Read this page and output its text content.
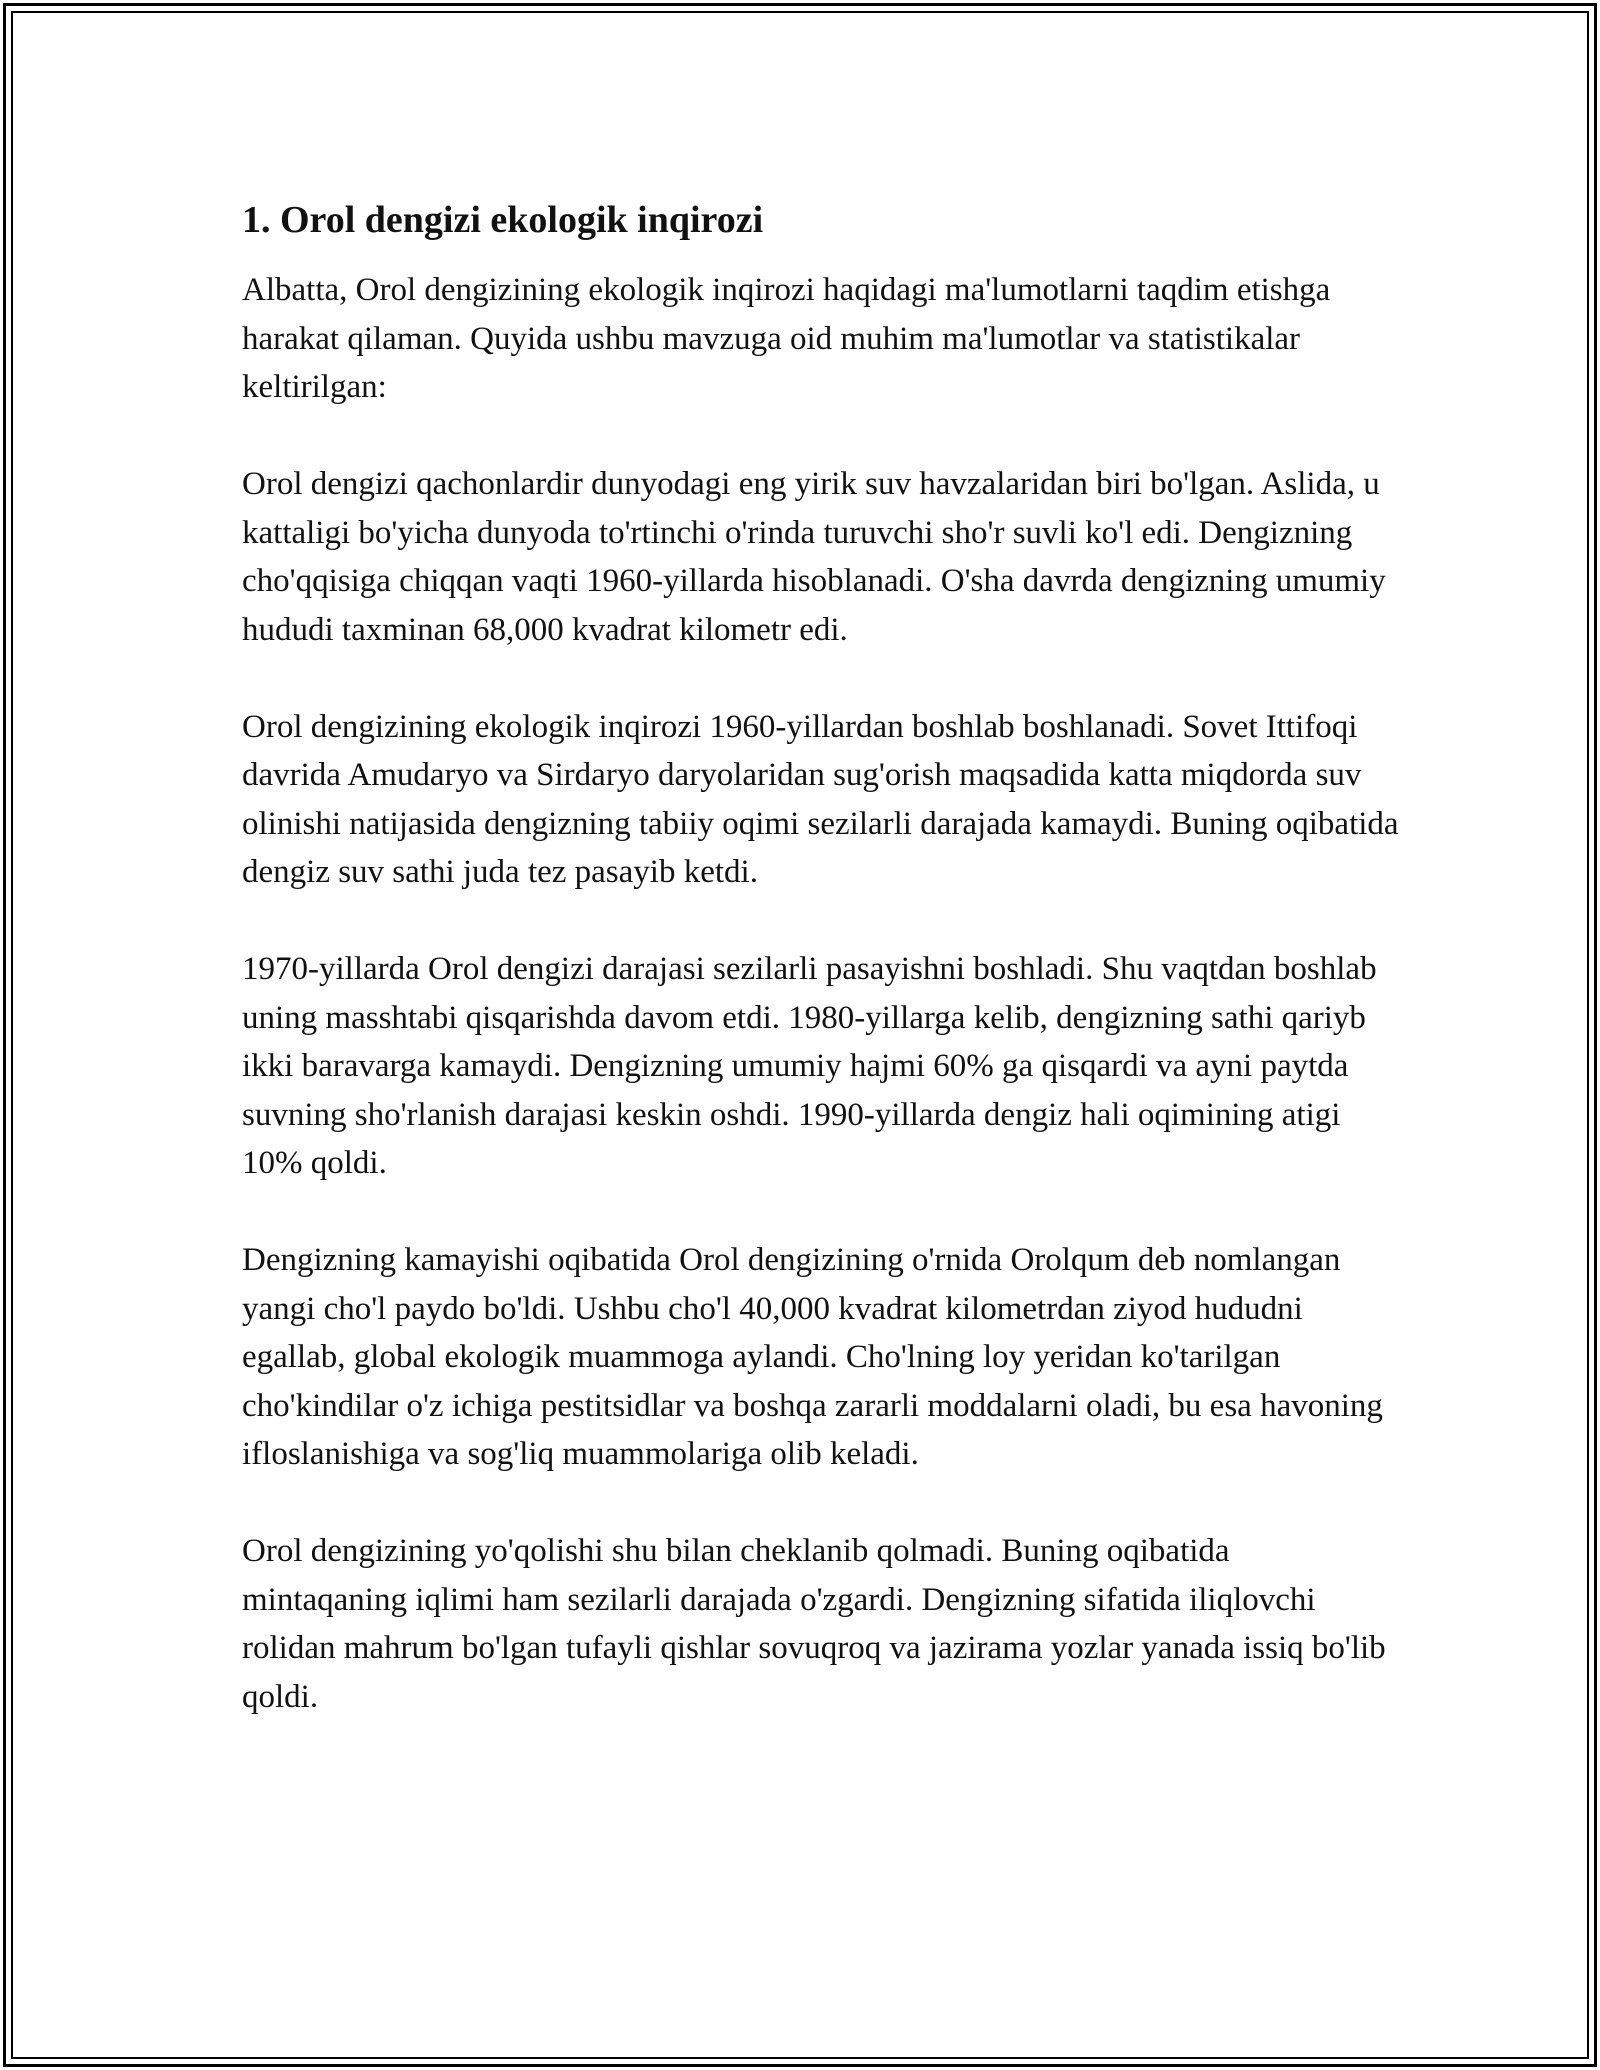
1. Orol dengizi ekologik inqirozi

Albatta, Orol dengizining ekologik inqirozi haqidagi ma'lumotlarni taqdim etishga harakat qilaman. Quyida ushbu mavzuga oid muhim ma'lumotlar va statistikalar keltirilgan:

Orol dengizi qachonlardir dunyodagi eng yirik suv havzalaridan biri bo'lgan. Aslida, u kattaligi bo'yicha dunyoda to'rtinchi o'rinda turuvchi sho'r suvli ko'l edi. Dengizning cho'qqisiga chiqqan vaqti 1960-yillarda hisoblanadi. O'sha davrda dengizning umumiy hududi taxminan 68,000 kvadrat kilometr edi.

Orol dengizining ekologik inqirozi 1960-yillardan boshlab boshlanadi. Sovet Ittifoqi davrida Amudaryo va Sirdaryo daryolaridan sug'orish maqsadida katta miqdorda suv olinishi natijasida dengizning tabiiy oqimi sezilarli darajada kamaydi. Buning oqibatida dengiz suv sathi juda tez pasayib ketdi.

1970-yillarda Orol dengizi darajasi sezilarli pasayishni boshladi. Shu vaqtdan boshlab uning masshtabi qisqarishda davom etdi. 1980-yillarga kelib, dengizning sathi qariyb ikki baravarga kamaydi. Dengizning umumiy hajmi 60% ga qisqardi va ayni paytda suvning sho'rlanish darajasi keskin oshdi. 1990-yillarda dengiz hali oqimining atigi 10% qoldi.

Dengizning kamayishi oqibatida Orol dengizining o'rnida Orolqum deb nomlangan yangi cho'l paydo bo'ldi. Ushbu cho'l 40,000 kvadrat kilometrdan ziyod hududni egallab, global ekologik muammoga aylandi. Cho'lning loy yeridan ko'tarilgan cho'kindilar o'z ichiga pestitsidlar va boshqa zararli moddalarni oladi, bu esa havoning ifloslanishiga va sog'liq muammolariga olib keladi.

Orol dengizining yo'qolishi shu bilan cheklanib qolmadi. Buning oqibatida mintaqaning iqlimi ham sezilarli darajada o'zgardi. Dengizning sifatida iliqlovchi rolidan mahrum bo'lgan tufayli qishlar sovuqroq va jazirama yozlar yanada issiq bo'lib qoldi.
